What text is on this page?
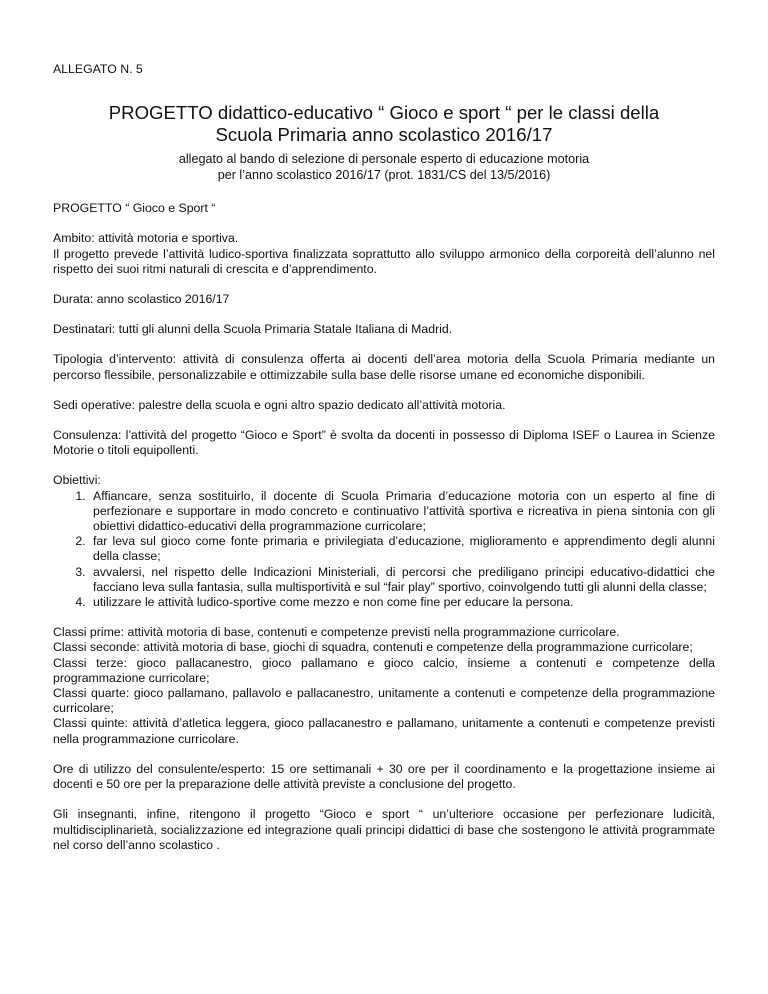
ALLEGATO N. 5

PROGETTO didattico-educativo “ Gioco e sport “ per le classi della
Scuola Primaria anno scolastico 2016/17
allegato al bando di selezione di personale esperto di educazione motoria
per l’anno scolastico 2016/17 (prot. 1831/CS del 13/5/2016)

PROGETTO “ Gioco e Sport “

Ambito: attività motoria e sportiva.

Il progetto prevede l’attività ludico-sportiva finalizzata soprattutto allo sviluppo armonico della corporeità dell’alunno nel rispetto dei suoi ritmi naturali di crescita e d’apprendimento.

Durata: anno scolastico 2016/17

Destinatari: tutti gli alunni della Scuola Primaria Statale Italiana di Madrid.

Tipologia d’intervento: attività di consulenza offerta ai docenti dell’area motoria della Scuola Primaria mediante un percorso flessibile, personalizzabile e ottimizzabile sulla base delle risorse umane ed economiche disponibili.

Sedi operative: palestre della scuola e ogni altro spazio dedicato all’attività motoria.

Consulenza: l’attività del progetto “Gioco e Sport” è svolta da docenti in possesso di Diploma ISEF o Laurea in Scienze Motorie o titoli equipollenti.

Obiettivi:

1. Affiancare, senza sostituirlo, il docente di Scuola Primaria d’educazione motoria con un esperto al fine di perfezionare e supportare in modo concreto e continuativo l’attività sportiva e ricreativa in piena sintonia con gli obiettivi didattico-educativi della programmazione curricolare;
2. far leva sul gioco come fonte primaria e privilegiata d’educazione, miglioramento e apprendimento degli alunni della classe;
3. avvalersi, nel rispetto delle Indicazioni Ministeriali, di percorsi che prediligano principi educativo-didattici che facciano leva sulla fantasia, sulla multisportività e sul “fair play” sportivo, coinvolgendo tutti gli alunni della classe;
4. utilizzare le attività ludico-sportive come mezzo e non come fine per educare la persona.

Classi prime: attività motoria di base, contenuti e competenze previsti nella programmazione curricolare.

Classi seconde: attività motoria di base, giochi di squadra, contenuti e competenze della programmazione curricolare;

Classi terze: gioco pallacanestro, gioco pallamano e gioco calcio, insieme a contenuti e competenze della programmazione curricolare;

Classi quarte: gioco pallamano, pallavolo e pallacanestro, unitamente a contenuti e competenze della programmazione curricolare;

Classi quinte: attività d’atletica leggera, gioco pallacanestro e pallamano, unitamente a contenuti e competenze previsti nella programmazione curricolare.

Ore di utilizzo del consulente/esperto: 15 ore settimanali + 30 ore per il coordinamento e la progettazione insieme ai docenti e 50 ore per la preparazione delle attività previste a conclusione del progetto.

Gli insegnanti, infine, ritengono il progetto “Gioco e sport “ un’ulteriore occasione per perfezionare ludicità, multidisciplinarietà, socializzazione ed integrazione quali principi didattici di base che sostengono le attività programmate nel corso dell’anno scolastico .
